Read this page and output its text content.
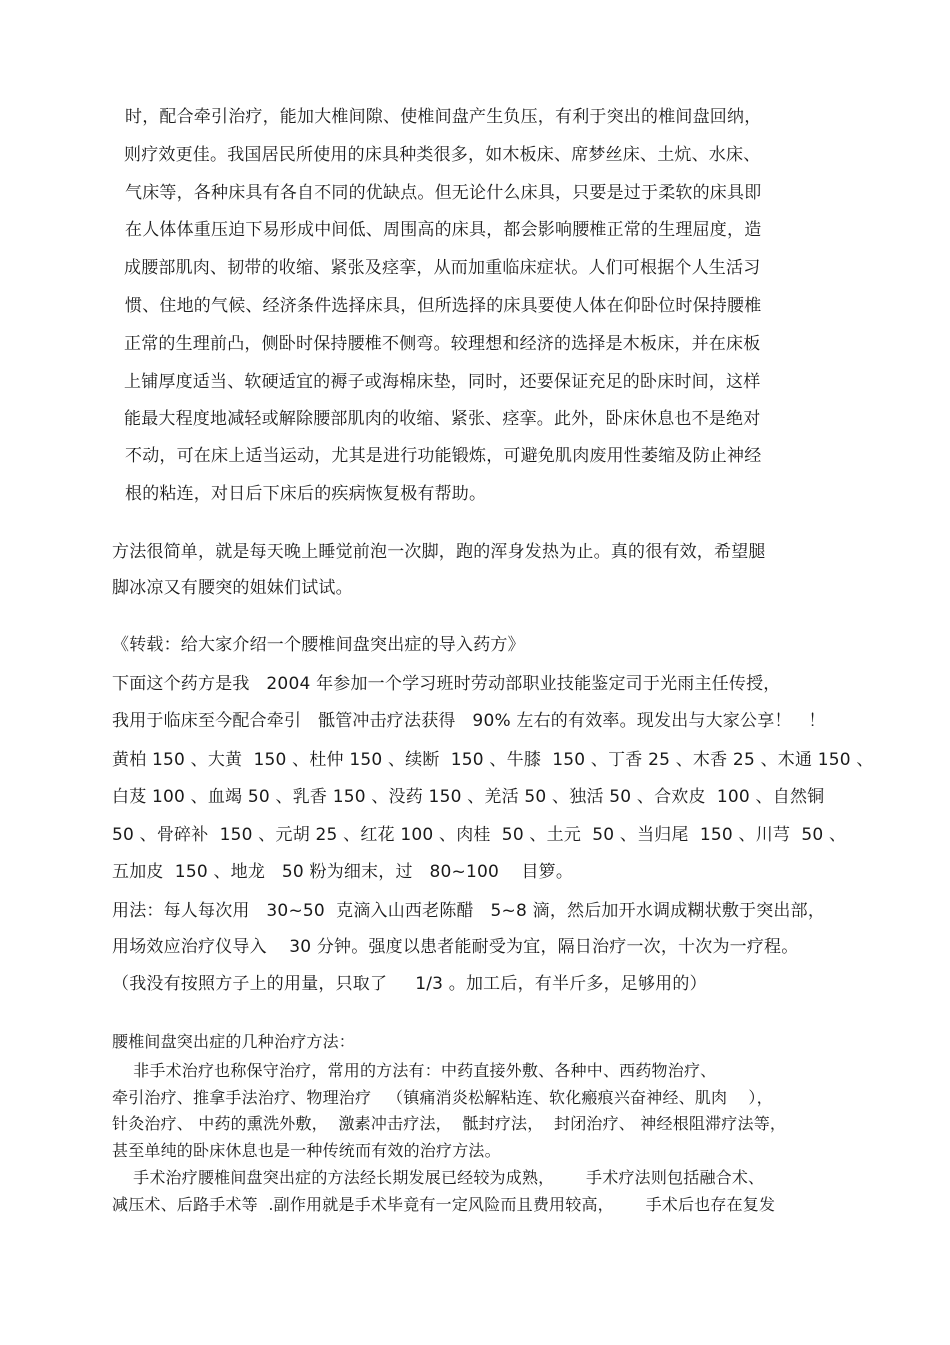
时，配合牵引治疗，能加大椎间隙、使椎间盘产生负压，有利于突出的椎间盘回纳，
则疗效更佳。我国居民所使用的床具种类很多，如木板床、席梦丝床、土炕、水床、
气床等，各种床具有各自不同的优缺点。但无论什么床具，只要是过于柔软的床具即
在人体体重压迫下易形成中间低、周围高的床具，都会影响腰椎正常的生理屈度，造
成腰部肌肉、韧带的收缩、紧张及痉挛，从而加重临床症状。人们可根据个人生活习
惯、住地的气候、经济条件选择床具，但所选择的床具要使人体在仰卧位时保持腰椎
正常的生理前凸，侧卧时保持腰椎不侧弯。较理想和经济的选择是木板床，并在床板
上铺厚度适当、软硬适宜的褥子或海棉床垫，同时，还要保证充足的卧床时间，这样
能最大程度地减轻或解除腰部肌肉的收缩、紧张、痉挛。此外，卧床休息也不是绝对
不动，可在床上适当运动，尤其是进行功能锻炼，可避免肌肉废用性萎缩及防止神经
根的粘连，对日后下床后的疾病恢复极有帮助。
方法很简单，就是每天晚上睡觉前泡一次脚，跑的浑身发热为止。真的很有效，希望腿
脚冰凉又有腰突的姐妹们试试。
《转载：给大家介绍一个腰椎间盘突出症的导入药方》
下面这个药方是我   2004 年参加一个学习班时劳动部职业技能鉴定司于光雨主任传授，
我用于临床至今配合牵引   骶管冲击疗法获得   90% 左右的有效率。现发出与大家公享！   ！
黄柏 150 、大黄  150 、杜仲 150 、续断  150 、牛膝  150 、丁香 25 、木香 25 、木通 150 、
白芨 100 、血竭 50 、乳香 150 、没药 150 、羌活 50 、独活 50 、合欢皮  100 、自然铜
50 、骨碎补  150 、元胡 25 、红花 100 、肉桂  50 、土元  50 、当归尾  150 、川芎  50 、
五加皮  150 、地龙   50 粉为细末，过   80~100    目箩。
用法：每人每次用   30~50  克滴入山西老陈醋   5~8 滴，然后加开水调成糊状敷于突出部，
用场效应治疗仪导入    30 分钟。强度以患者能耐受为宜，隔日治疗一次，十次为一疗程。
（我没有按照方子上的用量，只取了     1/3 。加工后，有半斤多，足够用的）
腰椎间盘突出症的几种治疗方法：
非手术治疗也称保守治疗，常用的方法有：中药直接外敷、各种中、西药物治疗、
牵引治疗、推拿手法治疗、物理治疗   （镇痛消炎松解粘连、软化瘢痕兴奋神经、肌肉    ），
针灸治疗、 中药的熏洗外敷，  激素冲击疗法，  骶封疗法，  封闭治疗、 神经根阻滞疗法等，
甚至单纯的卧床休息也是一种传统而有效的治疗方法。
手术治疗腰椎间盘突出症的方法经长期发展已经较为成熟，      手术疗法则包括融合术、
减压术、后路手术等  .副作用就是手术毕竟有一定风险而且费用较高，      手术后也存在复发
